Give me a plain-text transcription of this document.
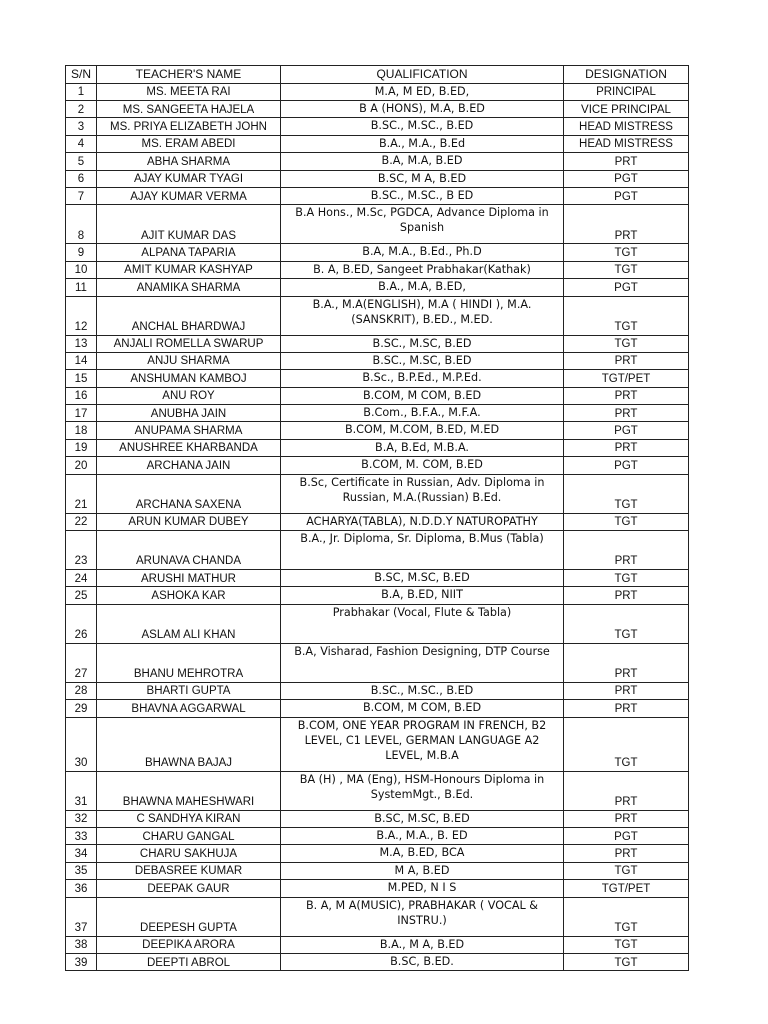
S/N	TEACHER'S NAME	QUALIFICATION	DESIGNATION
1	MS. MEETA RAI	M.A, M ED, B.ED,	PRINCIPAL
2	MS. SANGEETA HAJELA	B A (HONS), M.A, B.ED	VICE PRINCIPAL
3	MS. PRIYA ELIZABETH JOHN	B.SC., M.SC., B.ED	HEAD MISTRESS
4	MS. ERAM ABEDI	B.A., M.A., B.Ed	HEAD MISTRESS
5	ABHA SHARMA	B.A, M.A, B.ED	PRT
6	AJAY KUMAR TYAGI	B.SC, M A, B.ED	PGT
7	AJAY KUMAR VERMA	B.SC., M.SC., B ED	PGT
8	AJIT KUMAR DAS	B.A Hons., M.Sc, PGDCA, Advance Diploma in Spanish	PRT
9	ALPANA TAPARIA	B.A, M.A., B.Ed., Ph.D	TGT
10	AMIT KUMAR KASHYAP	B. A, B.ED, Sangeet Prabhakar(Kathak)	TGT
11	ANAMIKA SHARMA	B.A., M.A, B.ED,	PGT
12	ANCHAL BHARDWAJ	B.A., M.A(ENGLISH), M.A ( HINDI ), M.A. (SANSKRIT), B.ED., M.ED.	TGT
13	ANJALI ROMELLA SWARUP	B.SC., M.SC, B.ED	TGT
14	ANJU SHARMA	B.SC., M.SC, B.ED	PRT
15	ANSHUMAN KAMBOJ	B.Sc., B.P.Ed., M.P.Ed.	TGT/PET
16	ANU ROY	B.COM, M COM, B.ED	PRT
17	ANUBHA JAIN	B.Com., B.F.A., M.F.A.	PRT
18	ANUPAMA SHARMA	B.COM, M.COM, B.ED, M.ED	PGT
19	ANUSHREE KHARBANDA	B.A, B.Ed, M.B.A.	PRT
20	ARCHANA JAIN	B.COM, M. COM, B.ED	PGT
21	ARCHANA SAXENA	B.Sc, Certificate in Russian, Adv. Diploma in Russian, M.A.(Russian) B.Ed.	TGT
22	ARUN KUMAR DUBEY	ACHARYA(TABLA), N.D.D.Y NATUROPATHY	TGT
23	ARUNAVA CHANDA	B.A., Jr. Diploma, Sr. Diploma, B.Mus (Tabla)	PRT
24	ARUSHI MATHUR	B.SC, M.SC, B.ED	TGT
25	ASHOKA KAR	B.A, B.ED, NIIT	PRT
26	ASLAM ALI KHAN	Prabhakar (Vocal, Flute & Tabla)	TGT
27	BHANU MEHROTRA	B.A, Visharad, Fashion Designing, DTP Course	PRT
28	BHARTI GUPTA	B.SC., M.SC., B.ED	PRT
29	BHAVNA AGGARWAL	B.COM, M COM, B.ED	PRT
30	BHAWNA BAJAJ	B.COM, ONE YEAR PROGRAM IN FRENCH, B2 LEVEL, C1 LEVEL, GERMAN LANGUAGE A2 LEVEL, M.B.A	TGT
31	BHAWNA MAHESHWARI	BA (H) , MA (Eng), HSM-Honours Diploma in SystemMgt., B.Ed.	PRT
32	C SANDHYA KIRAN	B.SC, M.SC, B.ED	PRT
33	CHARU GANGAL	B.A., M.A., B. ED	PGT
34	CHARU SAKHUJA	M.A, B.ED, BCA	PRT
35	DEBASREE KUMAR	M A, B.ED	TGT
36	DEEPAK GAUR	M.PED, N I S	TGT/PET
37	DEEPESH GUPTA	B. A, M A(MUSIC), PRABHAKAR ( VOCAL & INSTRU.)	TGT
38	DEEPIKA ARORA	B.A., M A, B.ED	TGT
39	DEEPTI ABROL	B.SC, B.ED.	TGT
